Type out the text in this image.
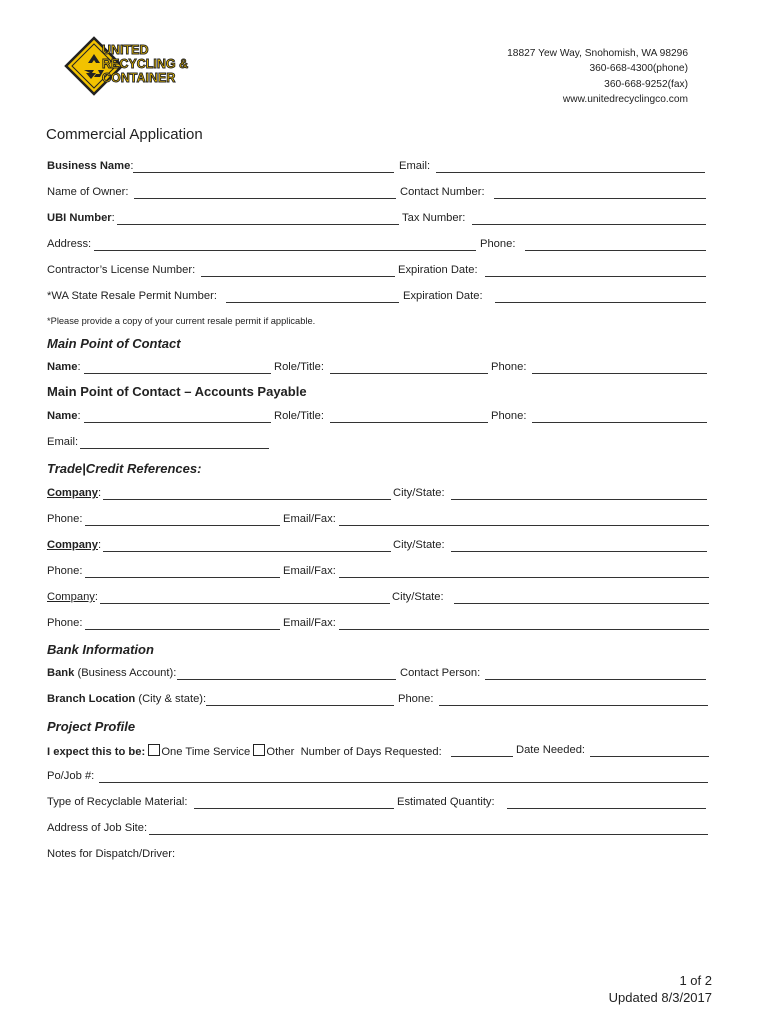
UNITED
RECYCLING &
CONTAINER
18827 Yew Way, Snohomish, WA 98296
360-668-4300(phone)
360-668-9252(fax)
www.unitedrecyclingco.com
Commercial Application
Business Name:	Email:
Name of Owner:	Contact Number:
UBI Number:	Tax Number:
Address:	Phone:
Contractor’s License Number:	Expiration Date:
*WA State Resale Permit Number:	Expiration Date:
*Please provide a copy of your current resale permit if applicable.
Main Point of Contact
Name:	Role/Title:	Phone:
Main Point of Contact – Accounts Payable
Name:	Role/Title:	Phone:
Email:
Trade|Credit References:
Company:	City/State:
Phone:	Email/Fax:
Company:	City/State:
Phone:	Email/Fax:
Company:	City/State:
Phone:	Email/Fax:
Bank Information
Bank (Business Account):	Contact Person:
Branch Location (City & state):	Phone:
Project Profile
I expect this to be: One Time Service Other Number of Days Requested:	Date Needed:
Po/Job #:
Type of Recyclable Material:	Estimated Quantity:
Address of Job Site:
Notes for Dispatch/Driver:
1 of 2
Updated 8/3/2017
